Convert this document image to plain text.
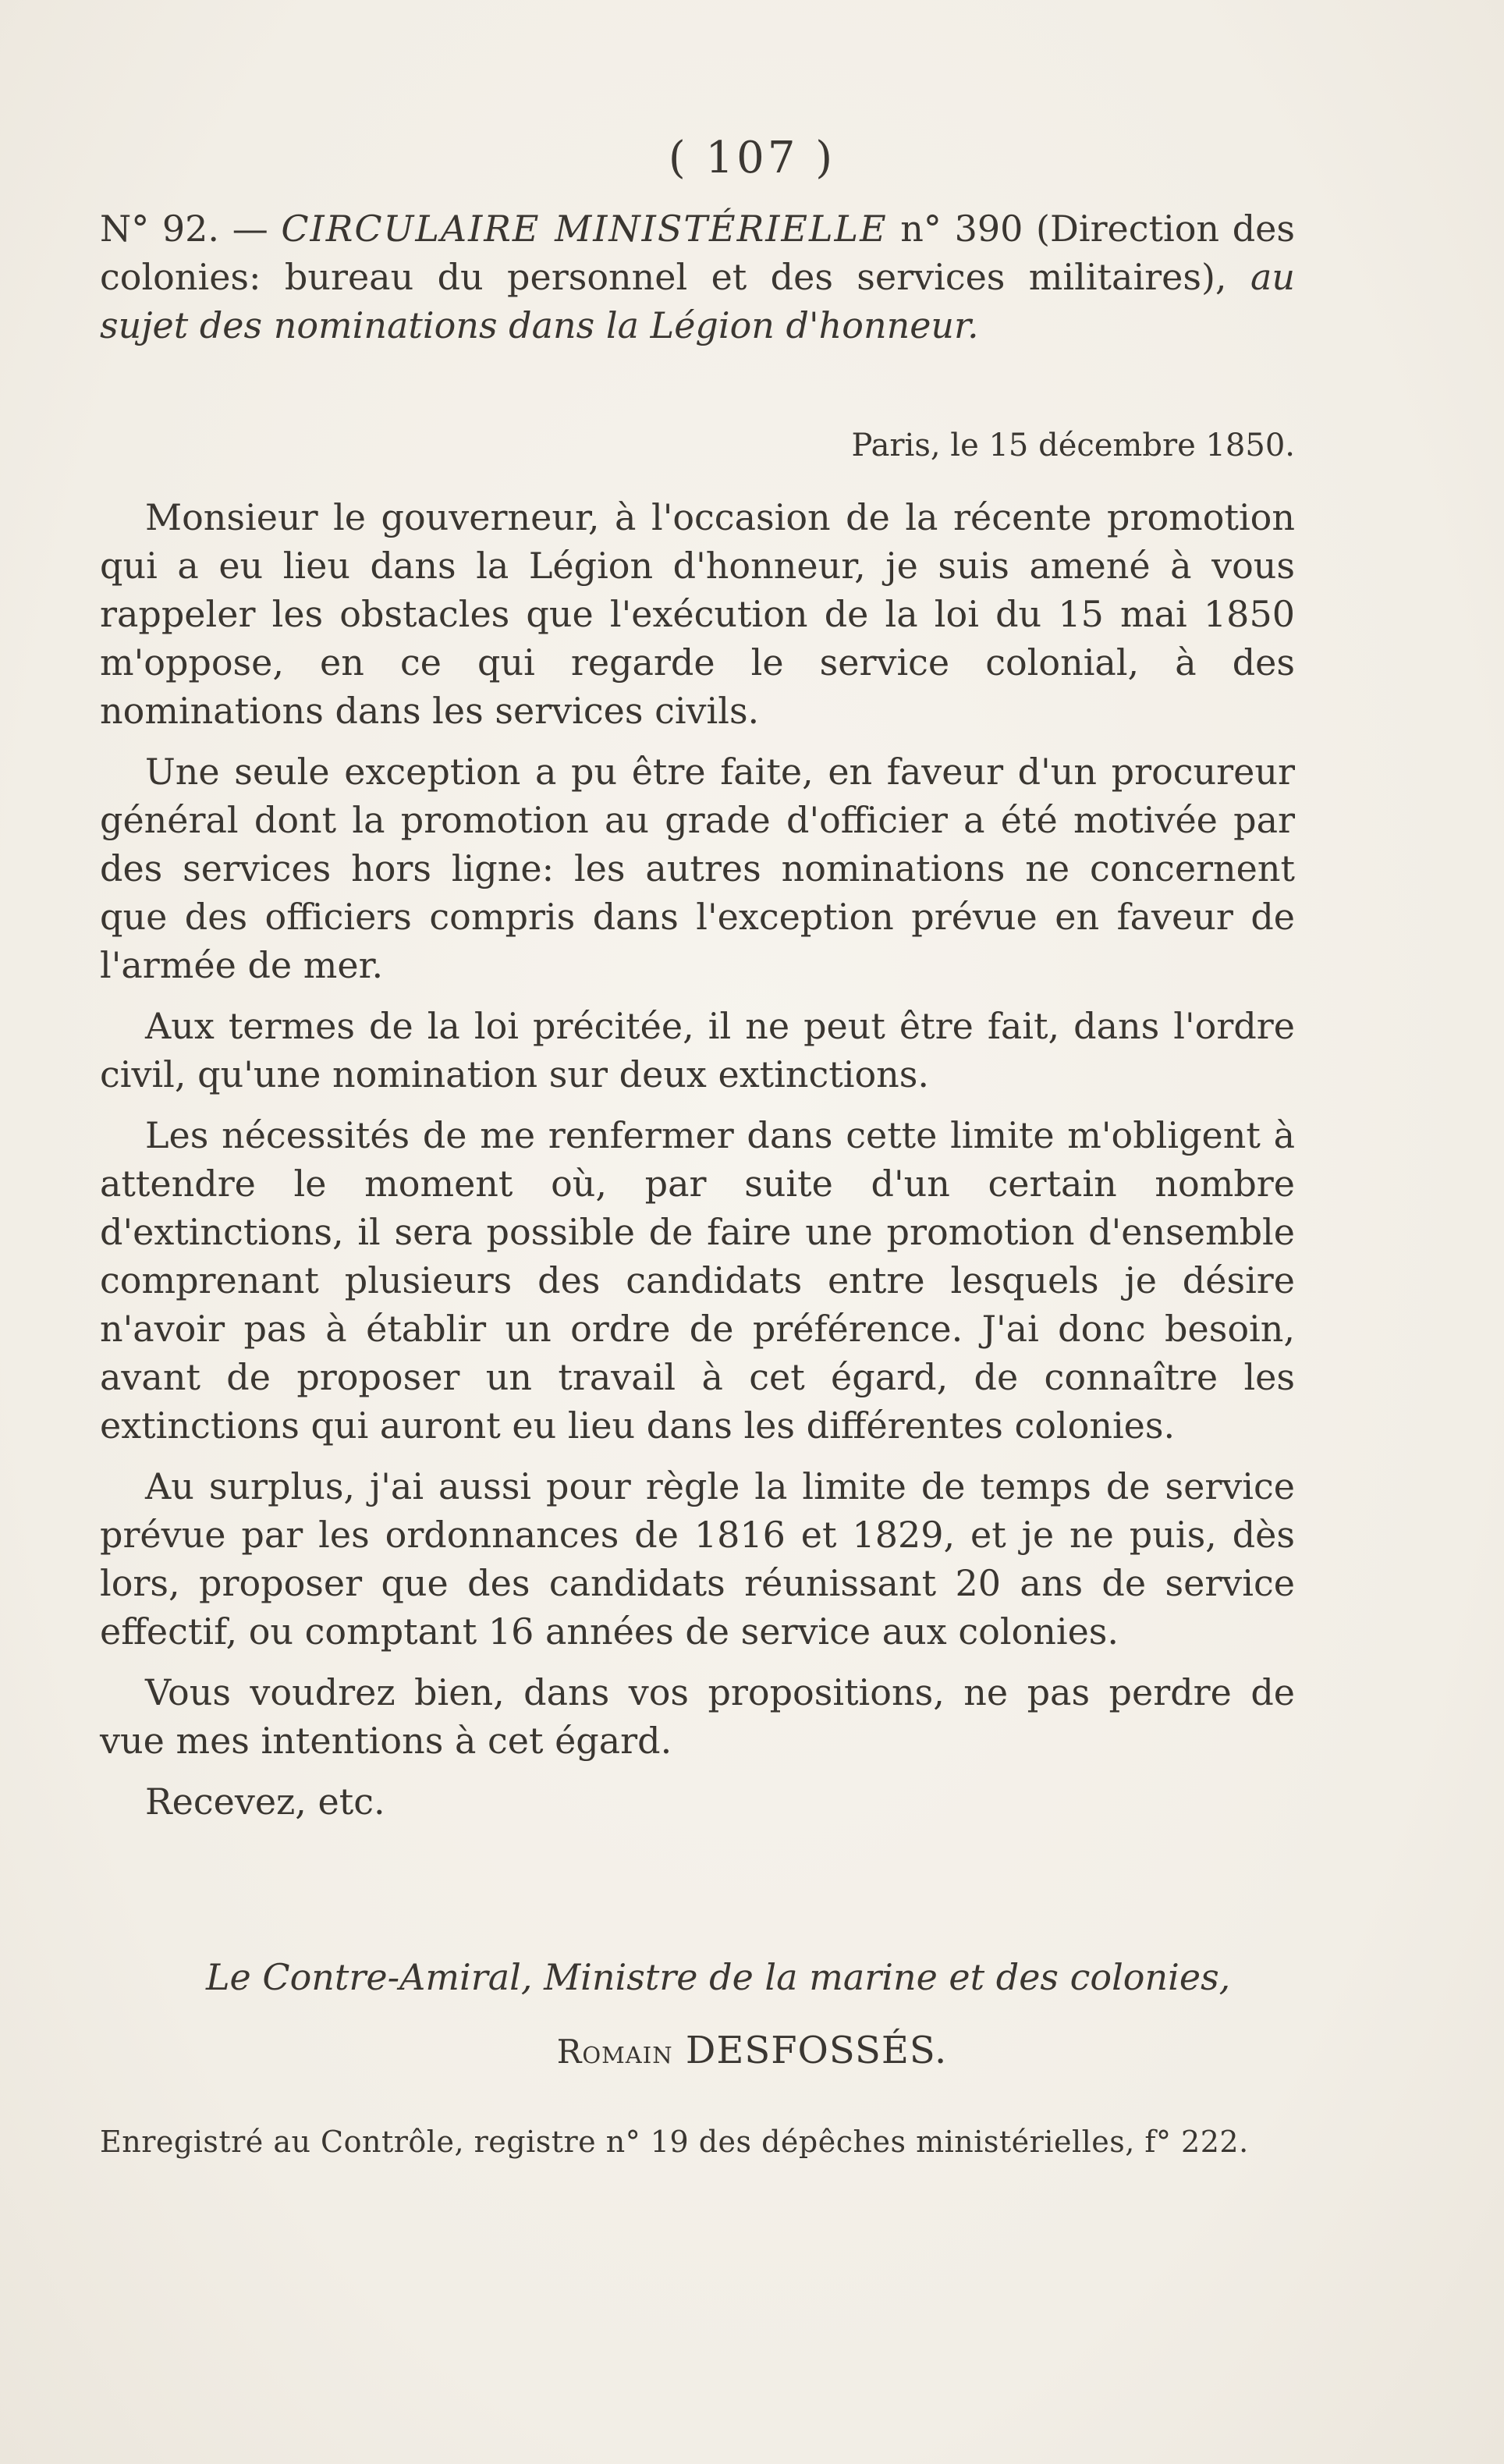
( 107 )
N° 92. — CIRCULAIRE MINISTÉRIELLE n° 390 (Direction des colonies: bureau du personnel et des services militaires), au sujet des nominations dans la Légion d'honneur.
Paris, le 15 décembre 1850.

Monsieur le gouverneur, à l'occasion de la récente promotion qui a eu lieu dans la Légion d'honneur, je suis amené à vous rappeler les obstacles que l'exécution de la loi du 15 mai 1850 m'oppose, en ce qui regarde le service colonial, à des nominations dans les services civils.

Une seule exception a pu être faite, en faveur d'un procureur général dont la promotion au grade d'officier a été motivée par des services hors ligne: les autres nominations ne concernent que des officiers compris dans l'exception prévue en faveur de l'armée de mer.

Aux termes de la loi précitée, il ne peut être fait, dans l'ordre civil, qu'une nomination sur deux extinctions.

Les nécessités de me renfermer dans cette limite m'obligent à attendre le moment où, par suite d'un certain nombre d'extinctions, il sera possible de faire une promotion d'ensemble comprenant plusieurs des candidats entre lesquels je désire n'avoir pas à établir un ordre de préférence. J'ai donc besoin, avant de proposer un travail à cet égard, de connaître les extinctions qui auront eu lieu dans les différentes colonies.

Au surplus, j'ai aussi pour règle la limite de temps de service prévue par les ordonnances de 1816 et 1829, et je ne puis, dès lors, proposer que des candidats réunissant 20 ans de service effectif, ou comptant 16 années de service aux colonies.

Vous voudrez bien, dans vos propositions, ne pas perdre de vue mes intentions à cet égard.

Recevez, etc.

Le Contre-Amiral, Ministre de la marine et des colonies,
Romain DESFOSSÉS.
Enregistré au Contrôle, registre n° 19 des dépêches ministérielles, f° 222.
